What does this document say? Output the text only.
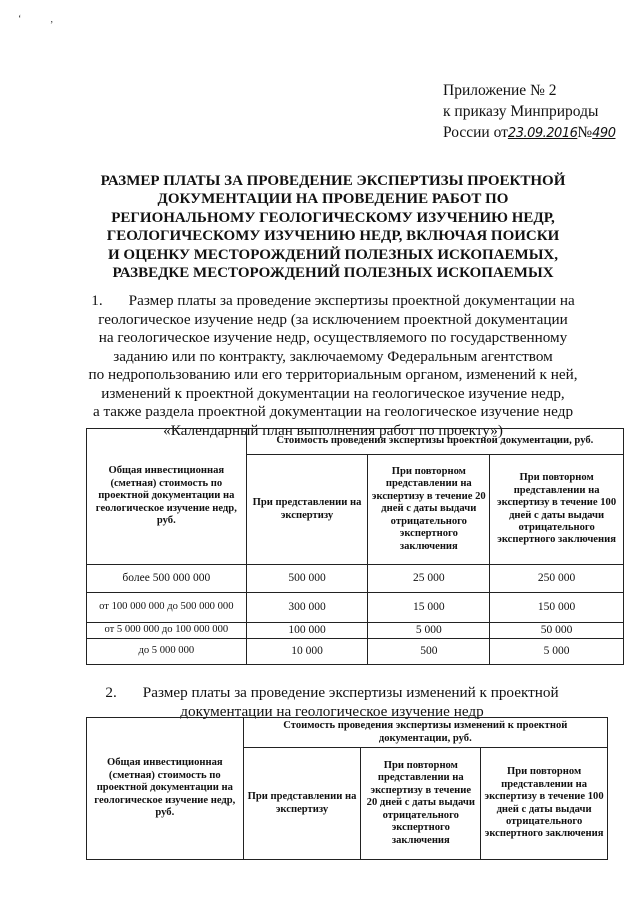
‘	‚
Приложение № 2
к приказу Минприроды
России от23.09.2016№490
РАЗМЕР ПЛАТЫ ЗА ПРОВЕДЕНИЕ ЭКСПЕРТИЗЫ ПРОЕКТНОЙ
ДОКУМЕНТАЦИИ НА ПРОВЕДЕНИЕ РАБОТ ПО
РЕГИОНАЛЬНОМУ ГЕОЛОГИЧЕСКОМУ ИЗУЧЕНИЮ НЕДР,
ГЕОЛОГИЧЕСКОМУ ИЗУЧЕНИЮ НЕДР, ВКЛЮЧАЯ ПОИСКИ
И ОЦЕНКУ МЕСТОРОЖДЕНИЙ ПОЛЕЗНЫХ ИСКОПАЕМЫХ,
РАЗВЕДКЕ МЕСТОРОЖДЕНИЙ ПОЛЕЗНЫХ ИСКОПАЕМЫХ
1. Размер платы за проведение экспертизы проектной документации на
геологическое изучение недр (за исключением проектной документации
на геологическое изучение недр, осуществляемого по государственному
заданию или по контракту, заключаемому Федеральным агентством
по недропользованию или его территориальным органом, изменений к ней,
изменений к проектной документации на геологическое изучение недр,
а также раздела проектной документации на геологическое изучение недр
«Календарный план выполнения работ по проекту»)
Общая инвестиционная (сметная) стоимость по проектной документации на геологическое изучение недр, руб.	Стоимость проведения экспертизы проектной документации, руб.		
	При представлении на экспертизу	При повторном представлении на экспертизу в течение 20 дней с даты выдачи отрицательного экспертного заключения	При повторном представлении на экспертизу в течение 100 дней с даты выдачи отрицательного экспертного заключения
более 500 000 000	500 000	25 000	250 000
от 100 000 000 до 500 000 000	300 000	15 000	150 000
от 5 000 000 до 100 000 000	100 000	5 000	50 000
до 5 000 000	10 000	500	5 000
2. Размер платы за проведение экспертизы изменений к проектной
документации на геологическое изучение недр
Общая инвестиционная (сметная) стоимость по проектной документации на геологическое изучение недр, руб.	Стоимость проведения экспертизы изменений к проектной документации, руб.		
	При представлении на экспертизу	При повторном представлении на экспертизу в течение 20 дней с даты выдачи отрицательного экспертного заключения	При повторном представлении на экспертизу в течение 100 дней с даты выдачи отрицательного экспертного заключения
